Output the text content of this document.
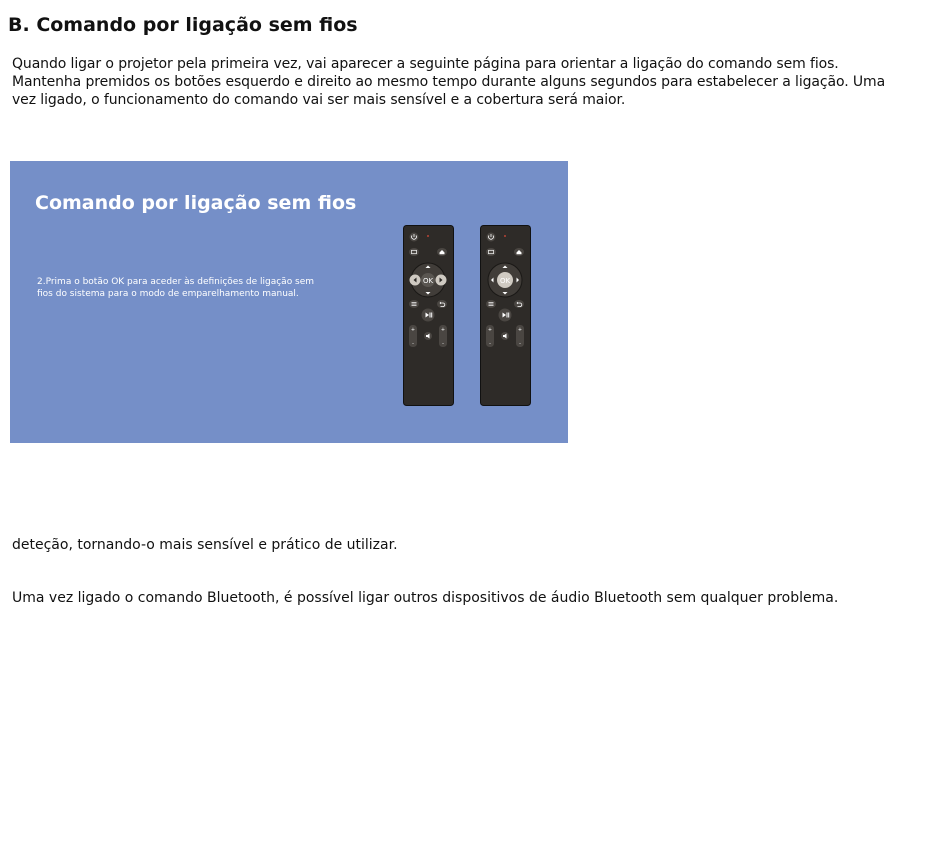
B. Comando por ligação sem fios

Quando ligar o projetor pela primeira vez, vai aparecer a seguinte página para orientar a ligação do comando sem fios.
Mantenha premidos os botões esquerdo e direito ao mesmo tempo durante alguns segundos para estabelecer a ligação. Uma
vez ligado, o funcionamento do comando vai ser mais sensível e a cobertura será maior.

Comando por ligação sem fios

2.Prima o botão OK para aceder às definições de ligação sem
fios do sistema para o modo de emparelhamento manual.

OK
+
-
+
-
OK
+
-
+
-

deteção, tornando-o mais sensível e prático de utilizar.

Uma vez ligado o comando Bluetooth, é possível ligar outros dispositivos de áudio Bluetooth sem qualquer problema.
